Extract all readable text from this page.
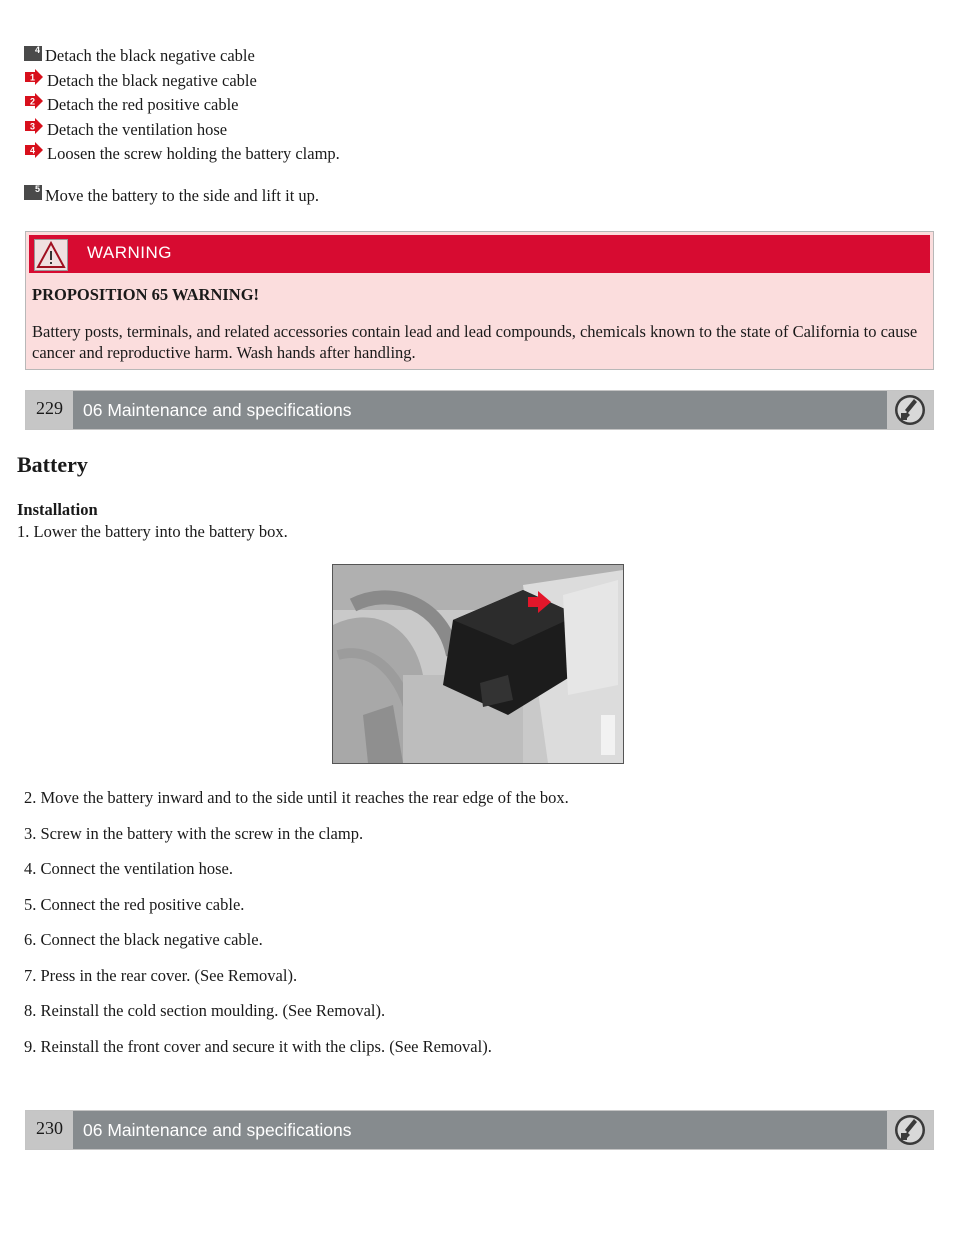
4 Detach the black negative cable
1 Detach the black negative cable
2 Detach the red positive cable
3 Detach the ventilation hose
4 Loosen the screw holding the battery clamp.
5 Move the battery to the side and lift it up.
WARNING
PROPOSITION 65 WARNING!
Battery posts, terminals, and related accessories contain lead and lead compounds, chemicals known to the state of California to cause cancer and reproductive harm. Wash hands after handling.
229	06 Maintenance and specifications
Battery
Installation
1. Lower the battery into the battery box.
2. Move the battery inward and to the side until it reaches the rear edge of the box.
3. Screw in the battery with the screw in the clamp.
4. Connect the ventilation hose.
5. Connect the red positive cable.
6. Connect the black negative cable.
7. Press in the rear cover. (See Removal).
8. Reinstall the cold section moulding. (See Removal).
9. Reinstall the front cover and secure it with the clips. (See Removal).
230	06 Maintenance and specifications
